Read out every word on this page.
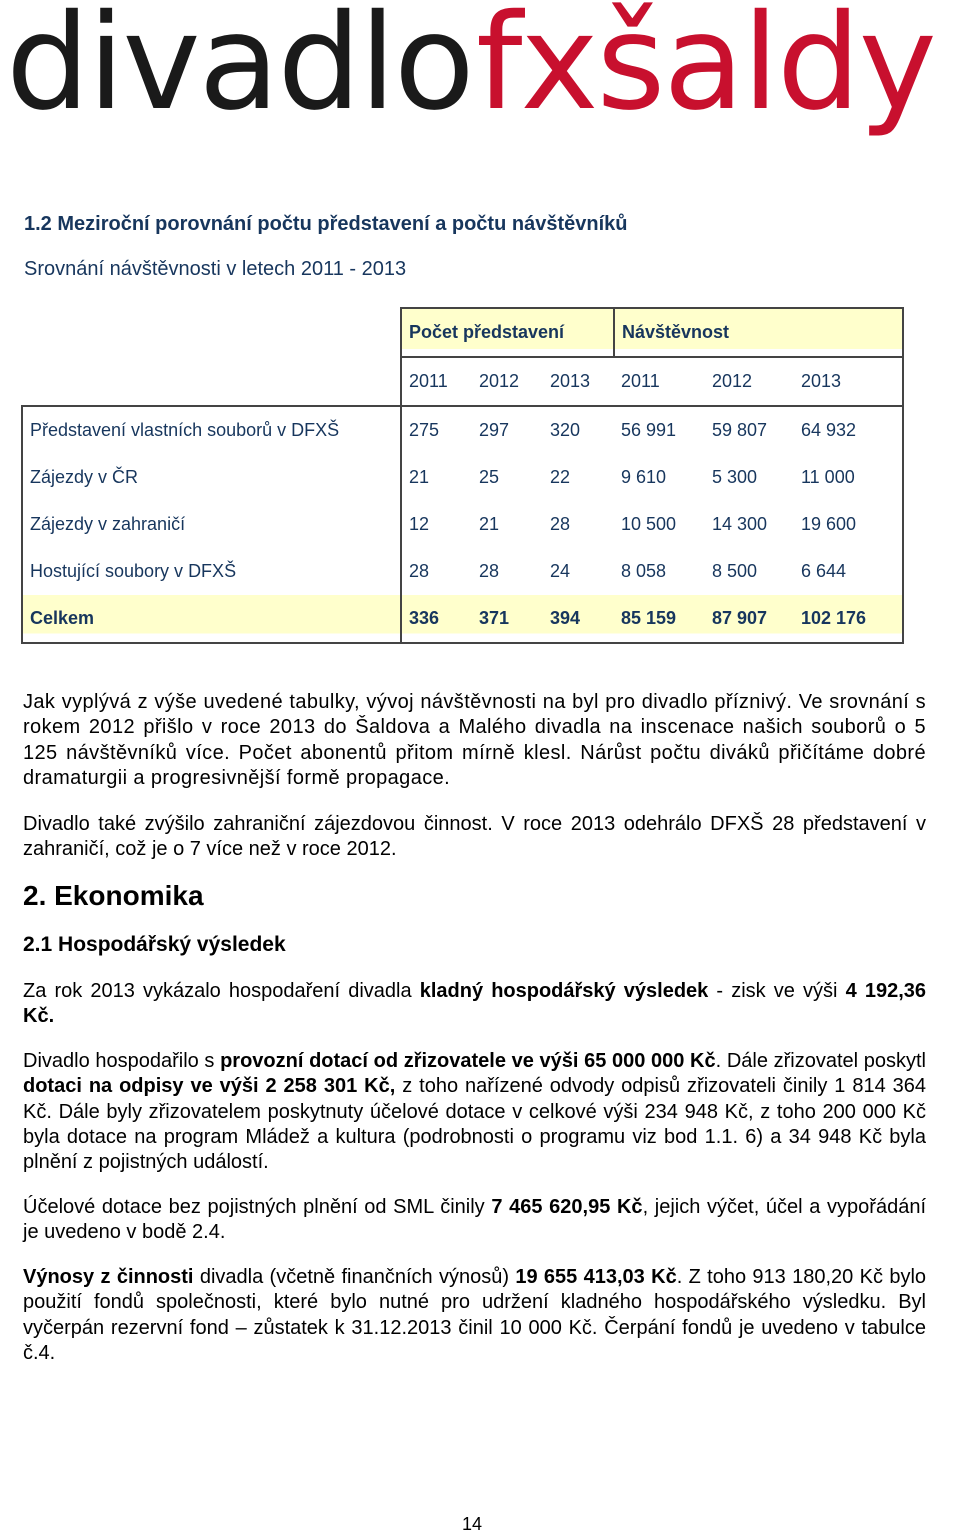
divadlo fxšaldy
1.2 Meziroční porovnání počtu představení a počtu návštěvníků

Srovnání návštěvnosti v letech 2011 - 2013

	Počet představení			Návštěvnost		
	2011	2012	2013	2011	2012	2013
Představení vlastních souborů v DFXŠ	275	297	320	56 991	59 807	64 932
Zájezdy v ČR	21	25	22	9 610	5 300	11 000
Zájezdy v zahraničí	12	21	28	10 500	14 300	19 600
Hostující soubory v DFXŠ	28	28	24	8 058	8 500	6 644
Celkem	336	371	394	85 159	87 907	102 176

Jak vyplývá z výše uvedené tabulky, vývoj návštěvnosti na byl pro divadlo příznivý. Ve srovnání s rokem 2012 přišlo v roce 2013 do Šaldova a Malého divadla na inscenace našich souborů o 5 125 návštěvníků více. Počet abonentů přitom mírně klesl. Nárůst počtu diváků přičítáme dobré dramaturgii a progresivnější formě propagace.

Divadlo také zvýšilo zahraniční zájezdovou činnost. V roce 2013 odehrálo DFXŠ 28 představení v zahraničí, což je o 7 více než v roce 2012.

2. Ekonomika
2.1 Hospodářský výsledek

Za rok 2013 vykázalo hospodaření divadla kladný hospodářský výsledek - zisk ve výši 4 192,36 Kč.

Divadlo hospodařilo s provozní dotací od zřizovatele ve výši 65 000 000 Kč. Dále zřizovatel poskytl dotaci na odpisy ve výši 2 258 301 Kč, z toho nařízené odvody odpisů zřizovateli činily 1 814 364 Kč. Dále byly zřizovatelem poskytnuty účelové dotace v celkové výši 234 948 Kč, z toho 200 000 Kč byla dotace na program Mládež a kultura (podrobnosti o programu viz bod 1.1. 6) a 34 948 Kč byla plnění z pojistných událostí.

Účelové dotace bez pojistných plnění od SML činily 7 465 620,95 Kč, jejich výčet, účel a vypořádání je uvedeno v bodě 2.4.

Výnosy z činnosti divadla (včetně finančních výnosů) 19 655 413,03 Kč. Z toho 913 180,20 Kč bylo použití fondů společnosti, které bylo nutné pro udržení kladného hospodářského výsledku. Byl vyčerpán rezervní fond – zůstatek k 31.12.2013 činil 10 000 Kč. Čerpání fondů je uvedeno v tabulce č.4.

14
